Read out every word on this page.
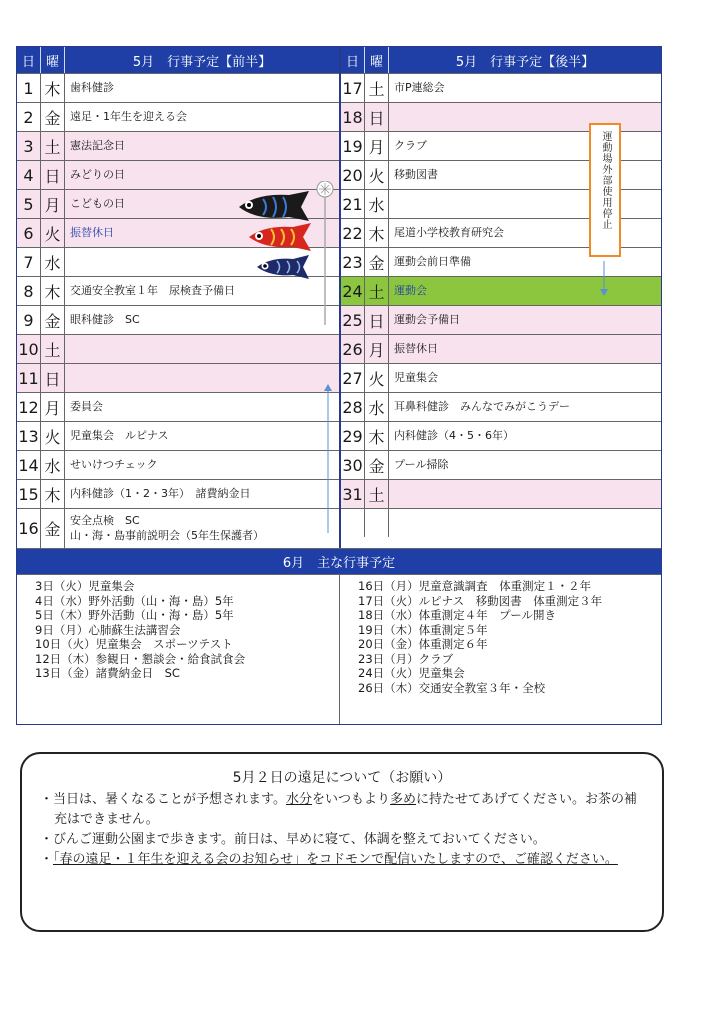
日 曜	5月　行事予定【前半】
1 木 歯科健診
2 金 遠足・1年生を迎える会
3 土 憲法記念日
4 日 みどりの日
5 月 こどもの日
6 火 振替休日
7 水
8 木 交通安全教室１年　尿検査予備日
9 金 眼科健診　SC
10 土
11 日
12 月 委員会
13 火 児童集会　ルピナス
14 水 せいけつチェック
15 木 内科健診（1・2・3年）　諸費納金日
16 金 安全点検　SC
山・海・島事前説明会（5年生保護者）
日 曜	5月　行事予定【後半】
17 土 市P連総会
18 日
19 月 クラブ
20 火 移動図書
21 水
22 木 尾道小学校教育研究会
23 金 運動会前日準備
24 土 運動会
25 日 運動会予備日
26 月 振替休日
27 火 児童集会
28 水 耳鼻科健診　みんなでみがこうデー
29 木 内科健診（4・5・6年）
30 金 プール掃除
31 土
6月　主な行事予定
3日（火）児童集会
4日（水）野外活動（山・海・島）5年
5日（木）野外活動（山・海・島）5年
9日（月）心肺蘇生法講習会
10日（火）児童集会　スポーツテスト
12日（木）参観日・懇談会・給食試食会
13日（金）諸費納金日　SC
16日（月）児童意識調査　体重測定１・２年
17日（火）ルピナス　移動図書　体重測定３年
18日（水）体重測定４年　プール開き
19日（木）体重測定５年
20日（金）体重測定６年
23日（月）クラブ
24日（火）児童集会
26日（木）交通安全教室３年・全校
運動場外部使用停止
5月２日の遠足について（お願い）

・当日は、暑くなることが予想されます。水分をいつもより多めに持たせてあげてください。お茶の補充はできません。

・びんご運動公園まで歩きます。前日は、早めに寝て、体調を整えておいてください。

・「春の遠足・１年生を迎える会のお知らせ」をコドモンで配信いたしますので、ご確認ください。
